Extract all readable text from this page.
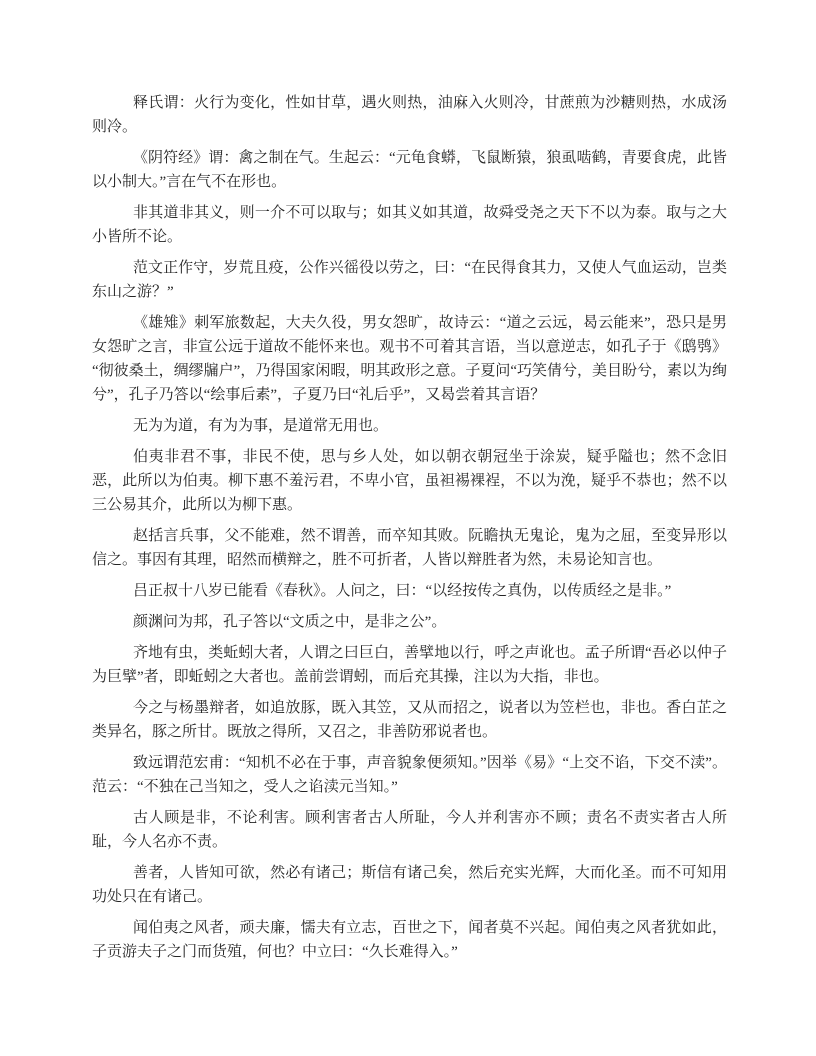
释氏谓：火行为变化，性如甘草，遇火则热，油麻入火则冷，甘蔗煎为沙糖则热，水成汤则冷。

《阴符经》谓：禽之制在气。生起云：“元龟食蟒，飞鼠断猿，狼虱啮鹤，青要食虎，此皆以小制大。”言在气不在形也。

非其道非其义，则一介不可以取与；如其义如其道，故舜受尧之天下不以为泰。取与之大小皆所不论。

范文正作守，岁荒且疫，公作兴徭役以劳之，曰：“在民得食其力，又使人气血运动，岂类东山之游？”

《雄雉》刺军旅数起，大夫久役，男女怨旷，故诗云：“道之云远，曷云能来”，恐只是男女怨旷之言，非宣公远于道故不能怀来也。观书不可着其言语，当以意逆志，如孔子于《鸱鸮》“彻彼桑土，绸缪牖户”，乃得国家闲暇，明其政形之意。子夏问“巧笑倩兮，美目盼兮，素以为绚兮”，孔子乃答以“绘事后素”，子夏乃曰“礼后乎”，又曷尝着其言语？

无为为道，有为为事，是道常无用也。

伯夷非君不事，非民不使，思与乡人处，如以朝衣朝冠坐于涂炭，疑乎隘也；然不念旧恶，此所以为伯夷。柳下惠不羞污君，不卑小官，虽袒裼裸裎，不以为浼，疑乎不恭也；然不以三公易其介，此所以为柳下惠。

赵括言兵事，父不能难，然不谓善，而卒知其败。阮瞻执无鬼论，鬼为之屈，至变异形以信之。事因有其理，昭然而横辩之，胜不可折者，人皆以辩胜者为然，未易论知言也。

吕正叔十八岁已能看《春秋》。人问之，曰：“以经按传之真伪，以传质经之是非。”

颜渊问为邦，孔子答以“文质之中，是非之公”。

齐地有虫，类蚯蚓大者，人谓之曰巨白，善擘地以行，呼之声讹也。孟子所谓“吾必以仲子为巨擘”者，即蚯蚓之大者也。盖前尝谓蚓，而后充其操，注以为大指，非也。

今之与杨墨辩者，如追放豚，既入其笠，又从而招之，说者以为笠栏也，非也。香白芷之类异名，豚之所甘。既放之得所，又召之，非善防邪说者也。

致远谓范宏甫：“知机不必在于事，声音貌象便须知。”因举《易》“上交不谄，下交不渎”。范云：“不独在己当知之，受人之谄渎元当知。”

古人顾是非，不论利害。顾利害者古人所耻，今人并利害亦不顾；责名不责实者古人所耻，今人名亦不责。

善者，人皆知可欲，然必有诸己；斯信有诸己矣，然后充实光辉，大而化圣。而不可知用功处只在有诸己。

闻伯夷之风者，顽夫廉，懦夫有立志，百世之下，闻者莫不兴起。闻伯夷之风者犹如此，子贡游夫子之门而货殖，何也？中立曰：“久长难得入。”
